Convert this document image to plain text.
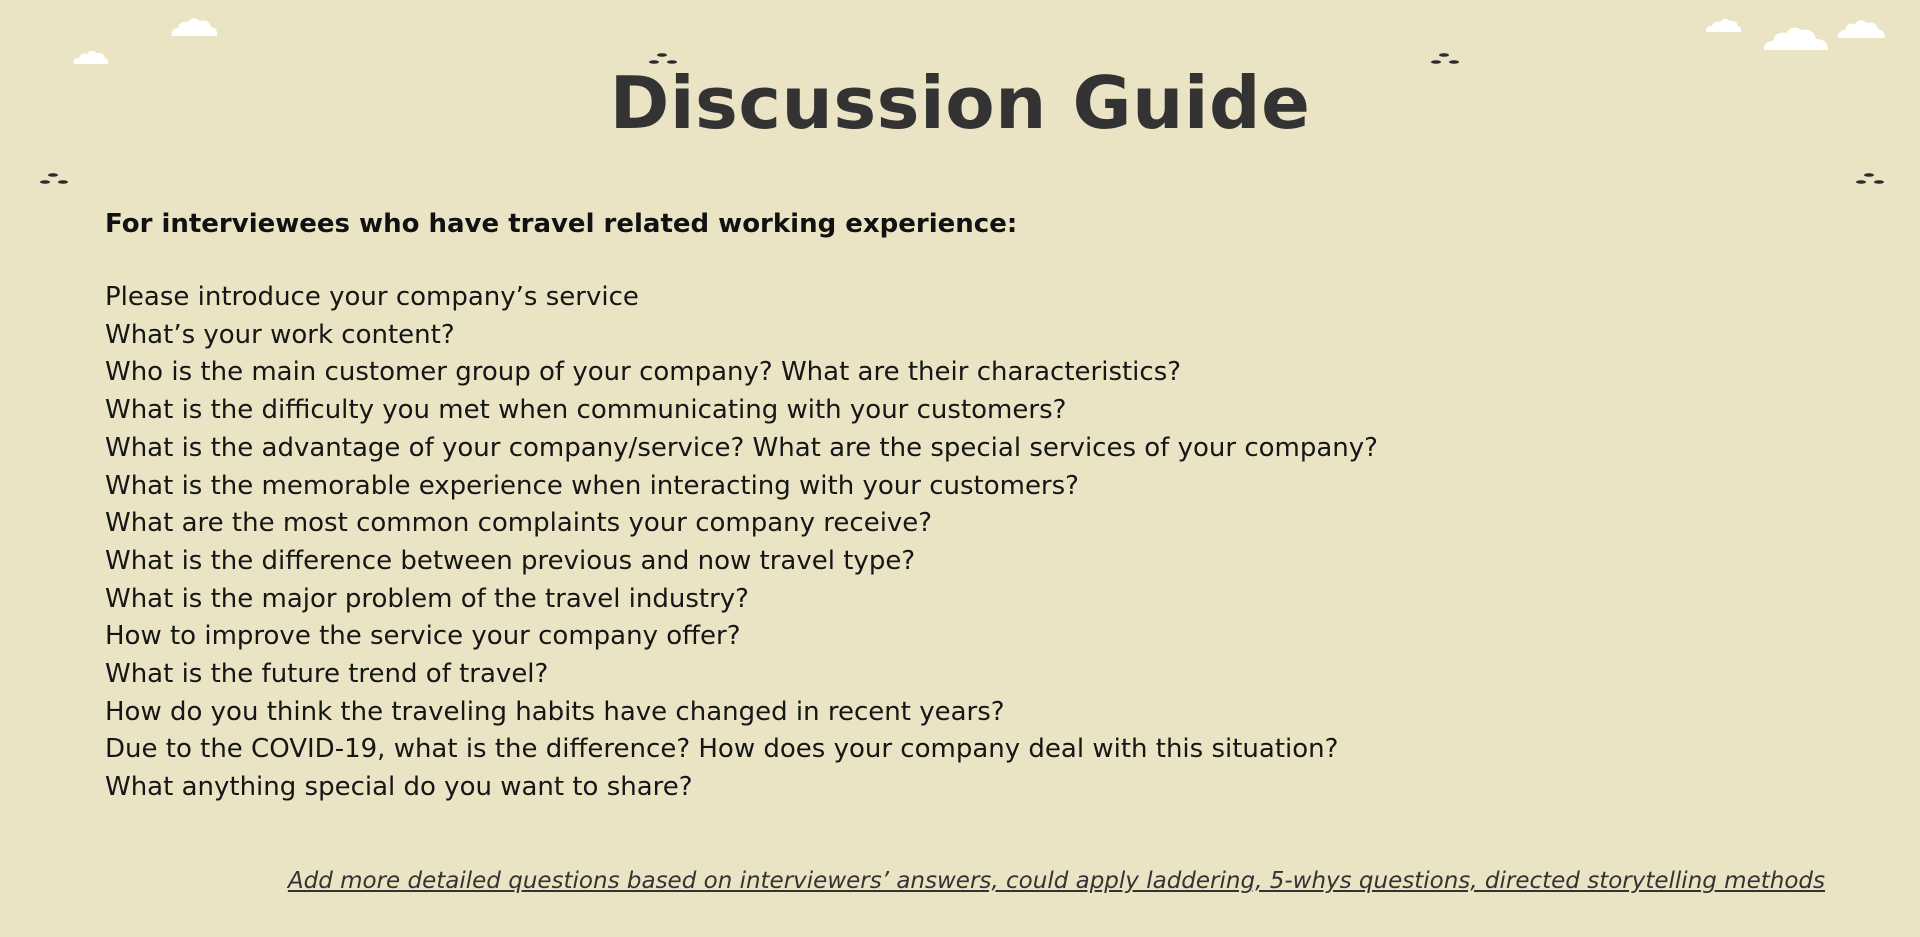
Discussion Guide

For interviewees who have travel related working experience:

Please introduce your company’s service
What’s your work content?
Who is the main customer group of your company? What are their characteristics?
What is the difficulty you met when communicating with your customers?
What is the advantage of your company/service? What are the special services of your company?
What is the memorable experience when interacting with your customers?
What are the most common complaints your company receive?
What is the difference between previous and now travel type?
What is the major problem of the travel industry?
How to improve the service your company offer?
What is the future trend of travel?
How do you think the traveling habits have changed in recent years?
Due to the COVID-19, what is the difference? How does your company deal with this situation?
What anything special do you want to share?

Add more detailed questions based on interviewers’ answers, could apply laddering, 5-whys questions, directed storytelling methods
